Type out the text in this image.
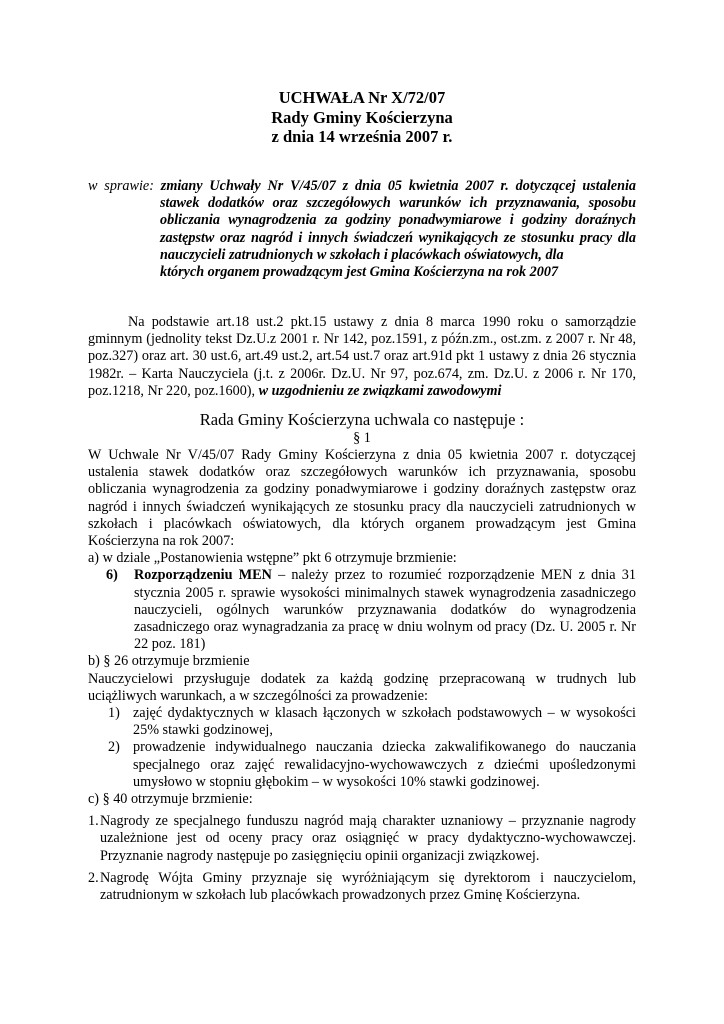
UCHWAŁA Nr X/72/07
Rady Gminy Kościerzyna
z dnia 14 września 2007 r.
w sprawie: zmiany Uchwały Nr V/45/07 z dnia 05 kwietnia 2007 r. dotyczącej ustalenia
stawek dodatków oraz szczegółowych warunków ich przyznawania, sposobu obliczania wynagrodzenia za godziny ponadwymiarowe i godziny doraźnych zastępstw oraz nagród i innych świadczeń wynikających ze stosunku pracy dla nauczycieli zatrudnionych w szkołach i placówkach oświatowych, dla
których organem prowadzącym jest Gmina Kościerzyna na rok 2007
Na podstawie art.18 ust.2 pkt.15 ustawy z dnia 8 marca 1990 roku o samorządzie gminnym (jednolity tekst Dz.U.z 2001 r. Nr 142, poz.1591, z późn.zm., ost.zm. z 2007 r. Nr 48, poz.327) oraz art. 30 ust.6, art.49 ust.2, art.54 ust.7 oraz art.91d pkt 1 ustawy z dnia 26 stycznia 1982r. – Karta Nauczyciela (j.t. z 2006r. Dz.U. Nr 97, poz.674, zm. Dz.U. z 2006 r. Nr 170, poz.1218, Nr 220, poz.1600), w uzgodnieniu ze związkami zawodowymi
Rada Gminy Kościerzyna uchwala co następuje :
§ 1
W Uchwale Nr V/45/07 Rady Gminy Kościerzyna z dnia 05 kwietnia 2007 r. dotyczącej ustalenia stawek dodatków oraz szczegółowych warunków ich przyznawania, sposobu obliczania wynagrodzenia za godziny ponadwymiarowe i godziny doraźnych zastępstw oraz nagród i innych świadczeń wynikających ze stosunku pracy dla nauczycieli zatrudnionych w szkołach i placówkach oświatowych, dla których organem prowadzącym jest Gmina Kościerzyna na rok 2007:
a) w dziale „Postanowienia wstępne” pkt 6 otrzymuje brzmienie:
6)	Rozporządzeniu MEN – należy przez to rozumieć rozporządzenie MEN z dnia 31 stycznia 2005 r. sprawie wysokości minimalnych stawek wynagrodzenia zasadniczego nauczycieli, ogólnych warunków przyznawania dodatków do wynagrodzenia zasadniczego oraz wynagradzania za pracę w dniu wolnym od pracy (Dz. U. 2005 r. Nr 22 poz. 181)
b) § 26 otrzymuje brzmienie
Nauczycielowi przysługuje dodatek za każdą godzinę przepracowaną w trudnych lub uciążliwych warunkach, a w szczególności za prowadzenie:
1) zajęć dydaktycznych w klasach łączonych w szkołach podstawowych – w wysokości 25% stawki godzinowej,
2) prowadzenie indywidualnego nauczania dziecka zakwalifikowanego do nauczania specjalnego oraz zajęć rewalidacyjno-wychowawczych z dziećmi upośledzonymi umysłowo w stopniu głębokim – w wysokości 10% stawki godzinowej.
c) § 40 otrzymuje brzmienie:
1. Nagrody ze specjalnego funduszu nagród mają charakter uznaniowy – przyznanie nagrody uzależnione jest od oceny pracy oraz osiągnięć w pracy dydaktyczno-wychowawczej. Przyznanie nagrody następuje po zasięgnięciu opinii organizacji związkowej.
2. Nagrodę Wójta Gminy przyznaje się wyróżniającym się dyrektorom i nauczycielom, zatrudnionym w szkołach lub placówkach prowadzonych przez Gminę Kościerzyna.
